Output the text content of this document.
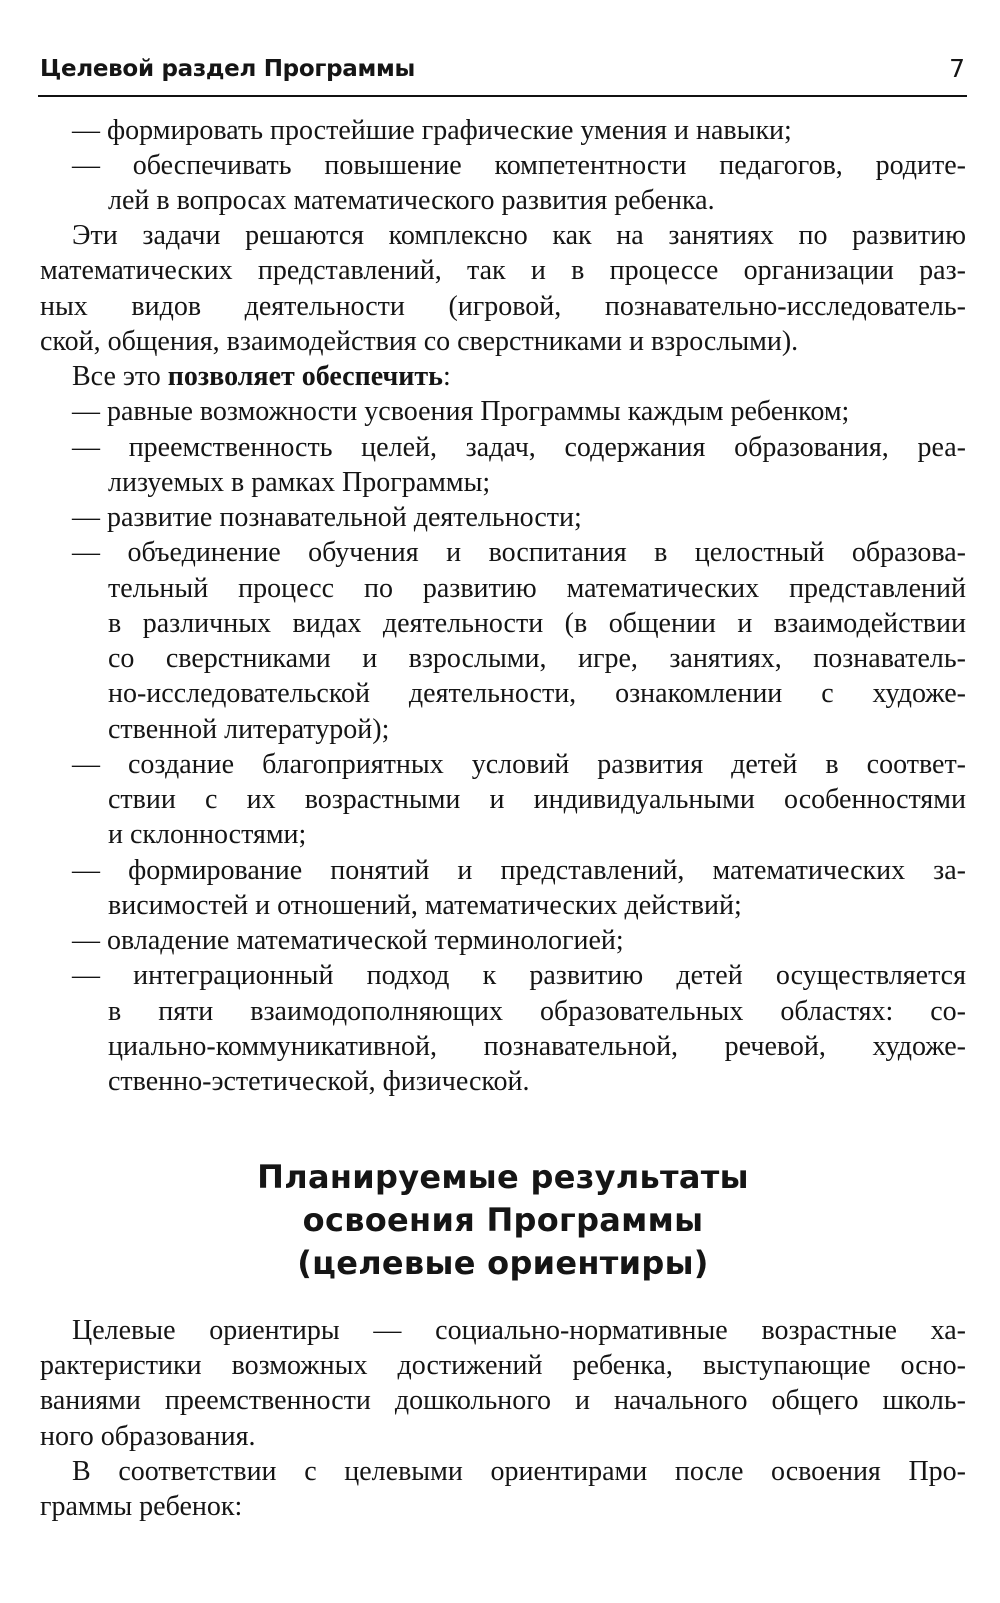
Целевой раздел Программы	7
— формировать простейшие графические умения и навыки;
— обеспечивать повышение компетентности педагогов, родите-
лей в вопросах математического развития ребенка.
Эти задачи решаются комплексно как на занятиях по развитию
математических представлений, так и в процессе организации раз-
ных видов деятельности (игровой, познавательно-исследователь-
ской, общения, взаимодействия со сверстниками и взрослыми).
Все это позволяет обеспечить:
— равные возможности усвоения Программы каждым ребенком;
— преемственность целей, задач, содержания образования, реа-
лизуемых в рамках Программы;
— развитие познавательной деятельности;
— объединение обучения и воспитания в целостный образова-
тельный процесс по развитию математических представлений
в различных видах деятельности (в общении и взаимодействии
со сверстниками и взрослыми, игре, занятиях, познаватель-
но-исследовательской деятельности, ознакомлении с художе-
ственной литературой);
— создание благоприятных условий развития детей в соответ-
ствии с их возрастными и индивидуальными особенностями
и склонностями;
— формирование понятий и представлений, математических за-
висимостей и отношений, математических действий;
— овладение математической терминологией;
— интеграционный подход к развитию детей осуществляется
в пяти взаимодополняющих образовательных областях: со-
циально-коммуникативной, познавательной, речевой, художе-
ственно-эстетической, физической.
Планируемые результаты
освоения Программы
(целевые ориентиры)
Целевые ориентиры — социально-нормативные возрастные ха-
рактеристики возможных достижений ребенка, выступающие осно-
ваниями преемственности дошкольного и начального общего школь-
ного образования.
В соответствии с целевыми ориентирами после освоения Про-
граммы ребенок:
